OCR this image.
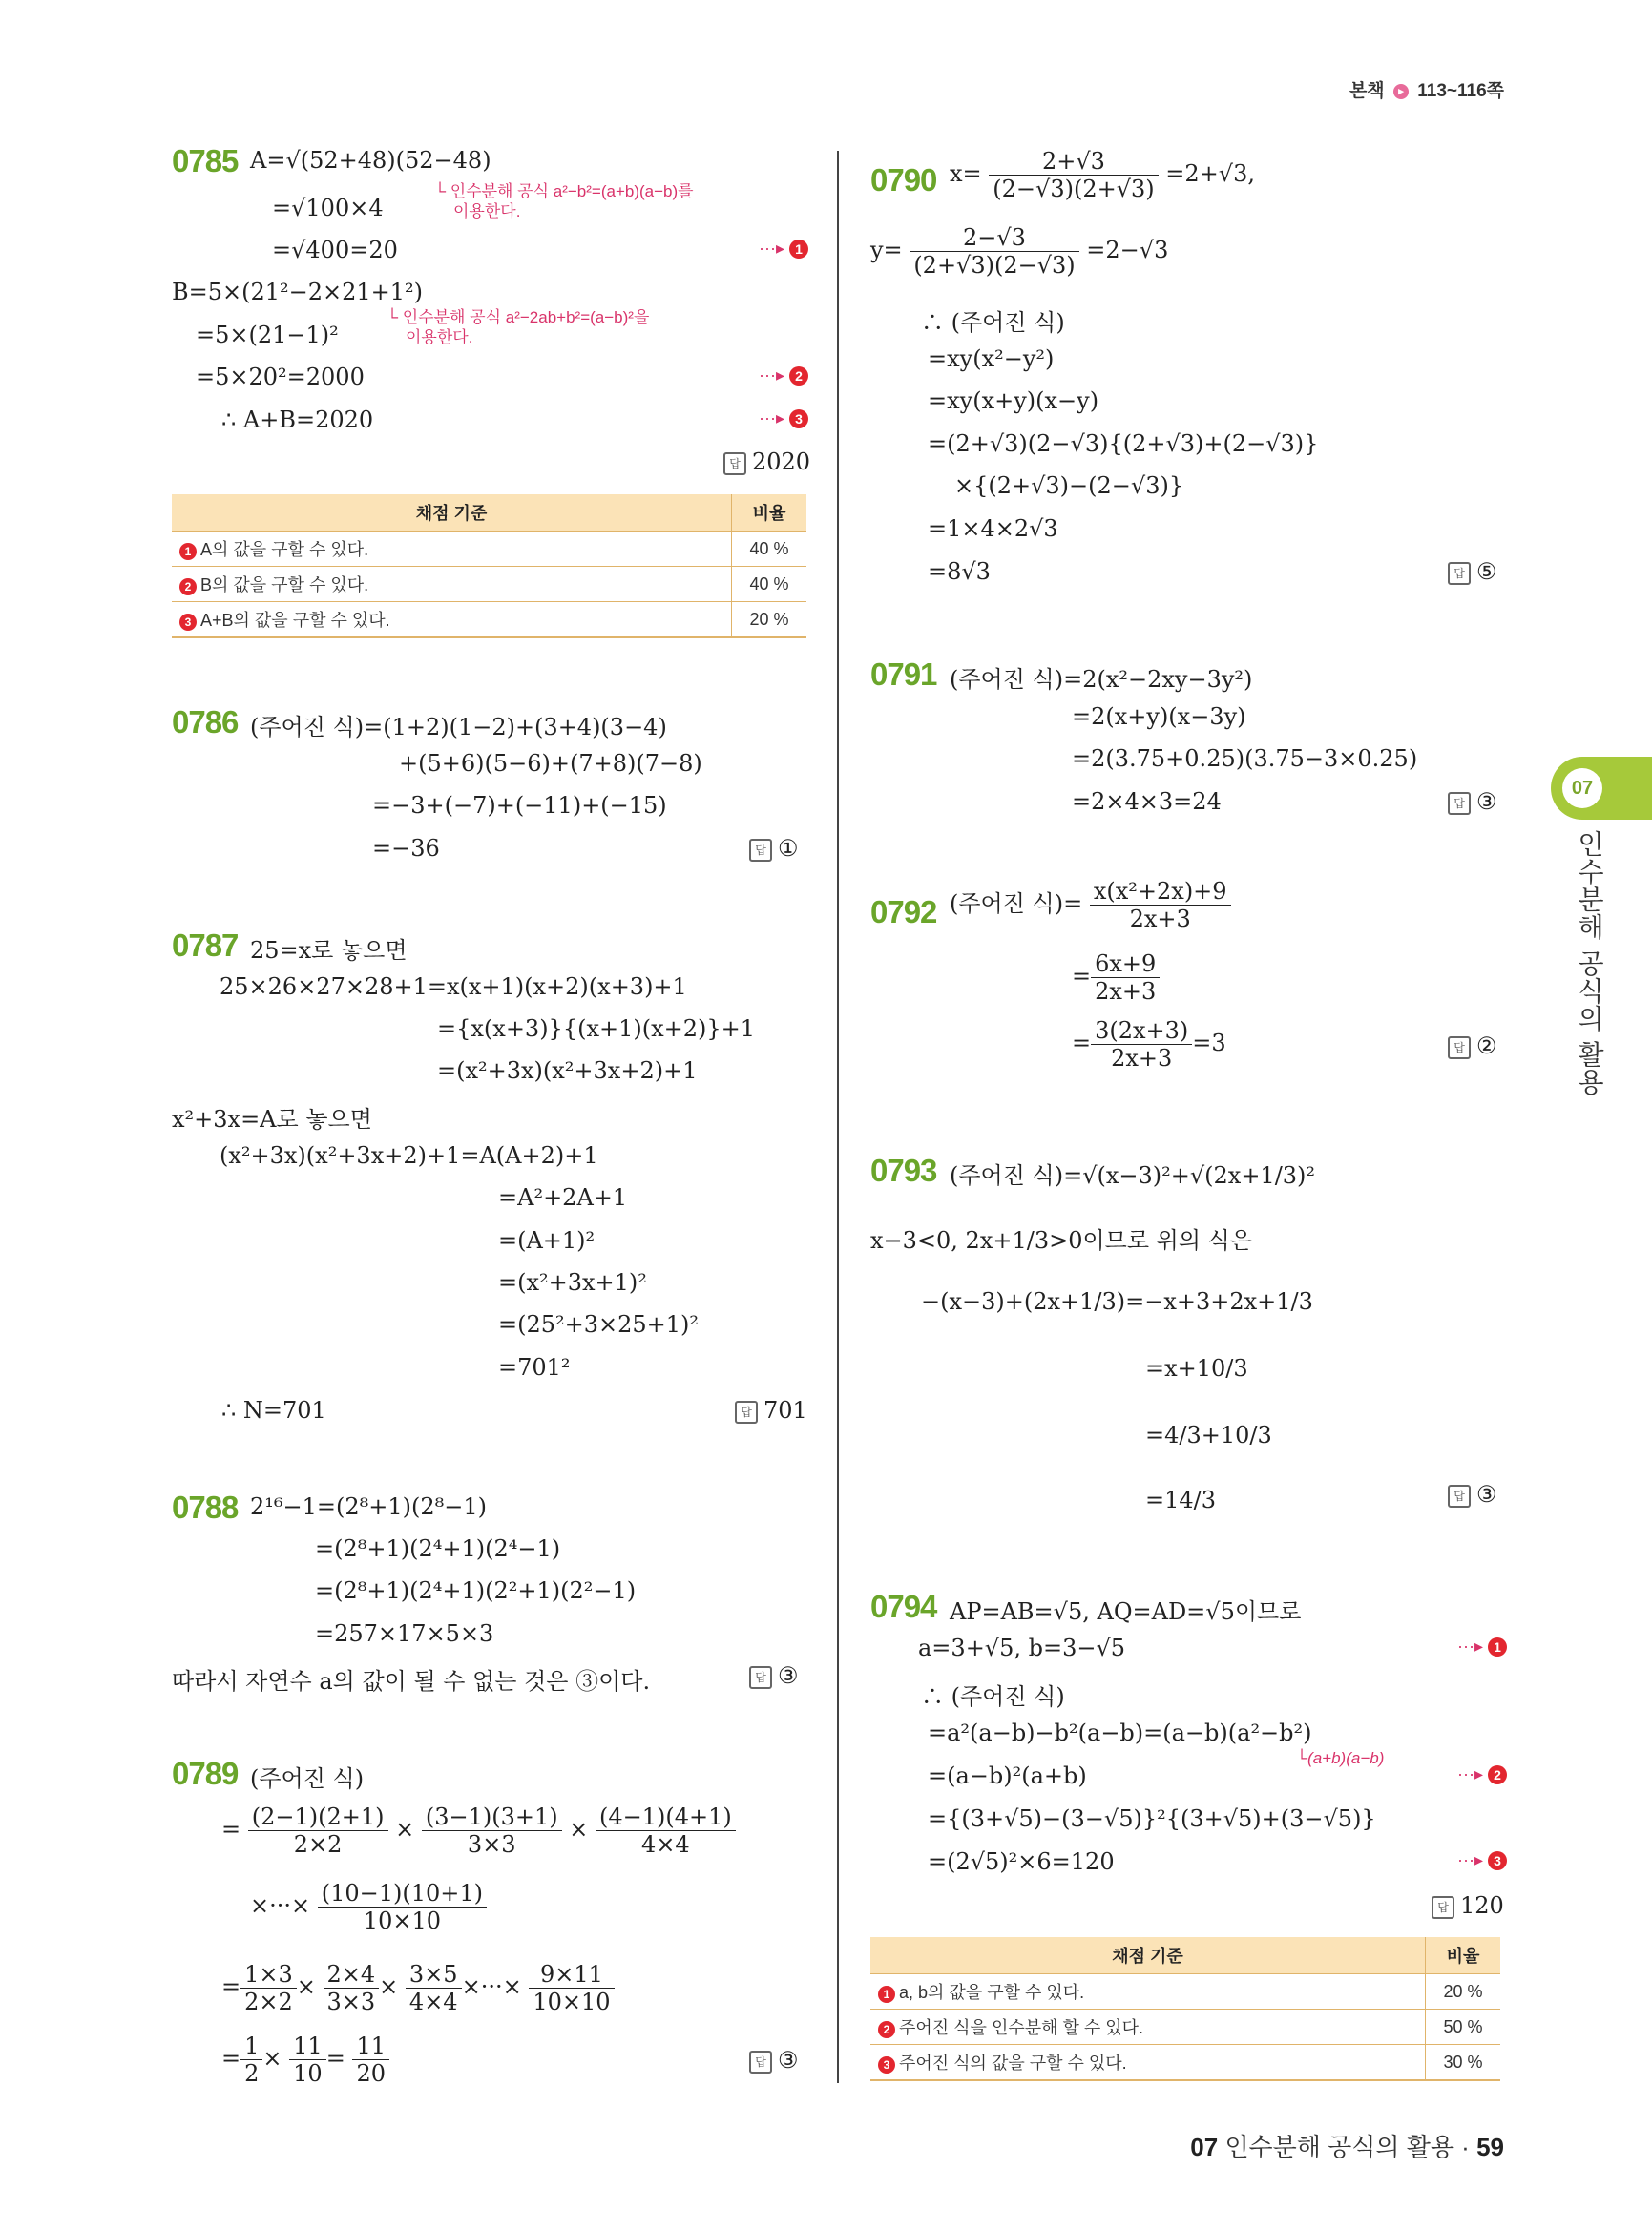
본책 ▸ 113~116쪽
0785 A=√(52+48)(52−48)
└ 인수분해 공식 a²−b²=(a+b)(a−b)를
이용한다.
=√100×4
=√400=20	···▸ 1
B=5×(21²−2×21+1²)
└ 인수분해 공식 a²−2ab+b²=(a−b)²을
이용한다.
=5×(21−1)²
=5×20²=2000	···▸ 2
∴ A+B=2020	···▸ 3
답 2020
채점 기준	비율
1 A의 값을 구할 수 있다.	40 %
2 B의 값을 구할 수 있다.	40 %
3 A+B의 값을 구할 수 있다.	20 %
0786 (주어진 식)=(1+2)(1−2)+(3+4)(3−4)
+(5+6)(5−6)+(7+8)(7−8)
=−3+(−7)+(−11)+(−15)
=−36	답 ①
0787 25=x로 놓으면
25×26×27×28+1=x(x+1)(x+2)(x+3)+1
={x(x+3)}{(x+1)(x+2)}+1
=(x²+3x)(x²+3x+2)+1
x²+3x=A로 놓으면
(x²+3x)(x²+3x+2)+1=A(A+2)+1
=A²+2A+1
=(A+1)²
=(x²+3x+1)²
=(25²+3×25+1)²
=701²
∴ N=701	답 701
0788 2¹⁶−1=(2⁸+1)(2⁸−1)
=(2⁸+1)(2⁴+1)(2⁴−1)
=(2⁸+1)(2⁴+1)(2²+1)(2²−1)
=257×17×5×3
따라서 자연수 a의 값이 될 수 없는 것은 ③이다.	답 ③
0789 (주어진 식)
= $\frac{(2-1)(2+1)}{2\times 2} \times \frac{(3-1)(3+1)}{3\times 3} \times \frac{(4-1)(4+1)}{4\times 4}$
×···× $\frac{(10-1)(10+1)}{10\times 10}$
= $\frac{1\times 3}{2\times 2} \times \frac{2\times 4}{3\times 3} \times \frac{3\times 5}{4\times 4}$ ×···× $\frac{9\times 11}{10\times 10}$
= $\frac{1}{2} \times \frac{11}{10} = \frac{11}{20}$	답 ③
0790 $x= \frac{2+√3}{(2-√3)(2+√3)} =2+√3$,
$y= \frac{2-√3}{(2+√3)(2-√3)} =2-√3$
∴ (주어진 식)
=xy(x²−y²)
=xy(x+y)(x−y)
=(2+√3)(2−√3){(2+√3)+(2−√3)}
×{(2+√3)−(2−√3)}
=1×4×2√3
=8√3	답 ⑤
0791 (주어진 식)=2(x²−2xy−3y²)
=2(x+y)(x−3y)
=2(3.75+0.25)(3.75−3×0.25)
=2×4×3=24	답 ③
0792 (주어진 식)= $\frac{\text{x(x²+2x)+9}}{2x+3}$
= $\frac{6x+9}{2x+3}$
= $\frac{3(2x+3)}{2x+3} =3$	답 ②
0793 (주어진 식)=√(x−3)²+√(2x+1/3)²
x−3<0, 2x+1/3>0이므로 위의 식은
−(x−3)+(2x+1/3)=−x+3+2x+1/3
=x+10/3
=4/3+10/3
=14/3	답 ③
0794 AP=AB=√5, AQ=AD=√5이므로
a=3+√5, b=3−√5	···▸ 1
∴ (주어진 식)
=a²(a−b)−b²(a−b)=(a−b)(a²−b²)
└(a+b)(a−b)
=(a−b)²(a+b)	···▸ 2
={(3+√5)−(3−√5)}²{(3+√5)+(3−√5)}
=(2√5)²×6=120	···▸ 3
답 120
채점 기준	비율
1 a, b의 값을 구할 수 있다.	20 %
2 주어진 식을 인수분해 할 수 있다.	50 %
3 주어진 식의 값을 구할 수 있다.	30 %
07
인수분해 공식의 활용
07 인수분해 공식의 활용 · 59
